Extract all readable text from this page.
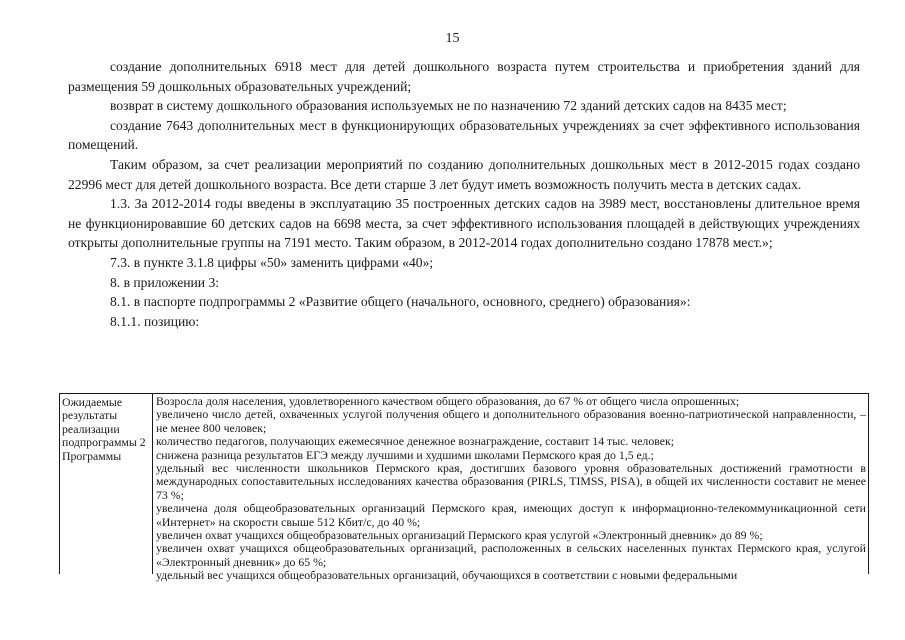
15

создание дополнительных 6918 мест для детей дошкольного возраста путем строительства и приобретения зданий для размещения 59 дошкольных образовательных учреждений;

возврат в систему дошкольного образования используемых не по назначению 72 зданий детских садов на 8435 мест;

создание 7643 дополнительных мест в функционирующих образовательных учреждениях за счет эффективного использования помещений.

Таким образом, за счет реализации мероприятий по созданию дополнительных дошкольных мест в 2012-2015 годах создано 22996 мест для детей дошкольного возраста. Все дети старше 3 лет будут иметь возможность получить места в детских садах.

1.3. За 2012-2014 годы введены в эксплуатацию 35 построенных детских садов на 3989 мест, восстановлены длительное время не функционировавшие 60 детских садов на 6698 места, за счет эффективного использования площадей в действующих учреждениях открыты дополнительные группы на 7191 место. Таким образом, в 2012-2014 годах дополнительно создано 17878 мест.»;

7.3. в пункте 3.1.8 цифры «50» заменить цифрами «40»;

8. в приложении 3:

8.1. в паспорте подпрограммы 2 «Развитие общего (начального, основного, среднего) образования»:

8.1.1. позицию:

Ожидаемые результаты реализации подпрограммы 2 Программы

Возросла доля населения, удовлетворенного качеством общего образования, до 67 % от общего числа опрошенных;

увеличено число детей, охваченных услугой получения общего и дополнительного образования военно-патриотической направленности, – не менее 800 человек;

количество педагогов, получающих ежемесячное денежное вознаграждение, составит 14 тыс. человек;

снижена разница результатов ЕГЭ между лучшими и худшими школами Пермского края до 1,5 ед.;

удельный вес численности школьников Пермского края, достигших базового уровня образовательных достижений грамотности в международных сопоставительных исследованиях качества образования (PIRLS, TIMSS, PISA), в общей их численности составит не менее 73 %;

увеличена доля общеобразовательных организаций Пермского края, имеющих доступ к информационно-телекоммуникационной сети «Интернет» на скорости свыше 512 Кбит/с, до 40 %;

увеличен охват учащихся общеобразовательных организаций Пермского края услугой «Электронный дневник» до 89 %;

увеличен охват учащихся общеобразовательных организаций, расположенных в сельских населенных пунктах Пермского края, услугой «Электронный дневник» до 65 %;

удельный вес учащихся общеобразовательных организаций, обучающихся в соответствии с новыми федеральными
